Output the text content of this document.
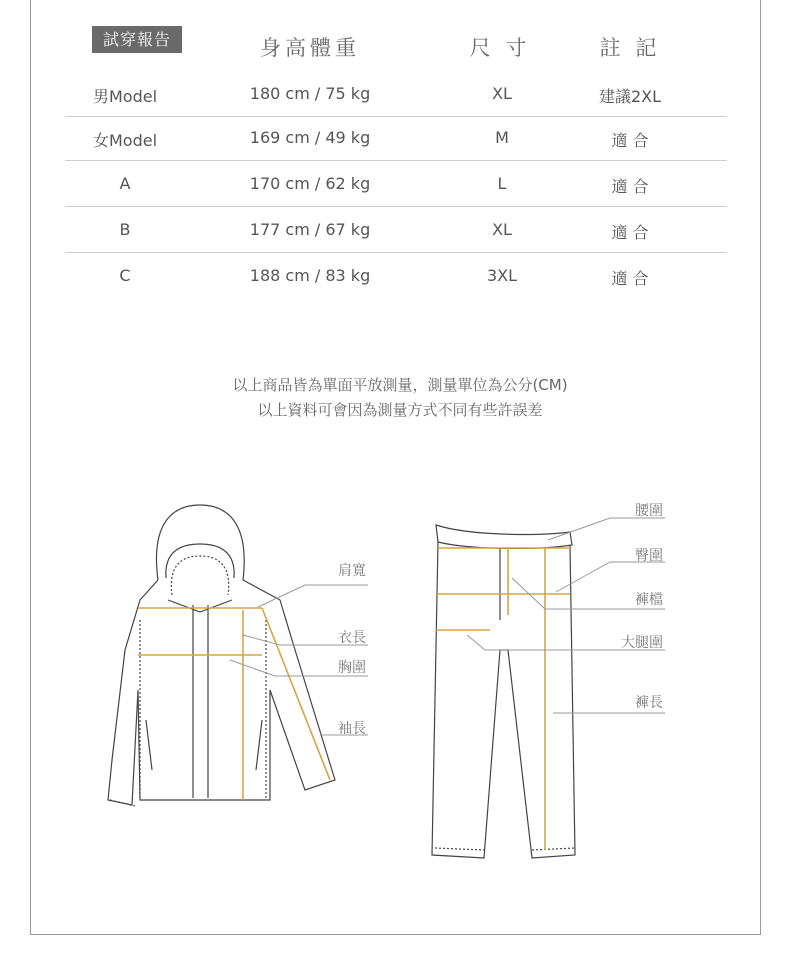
試穿報告	身高體重	尺 寸	註 記
男Model	180 cm / 75 kg	XL	建議2XL
女Model	169 cm / 49 kg	M	適 合
A	170 cm / 62 kg	L	適 合
B	177 cm / 67 kg	XL	適 合
C	188 cm / 83 kg	3XL	適 合
以上商品皆為單面平放測量，測量單位為公分(CM)
以上資料可會因為測量方式不同有些許誤差
肩寬
衣長
胸圍
袖長
腰圍
臀圍
褲檔
大腿圍
褲長
